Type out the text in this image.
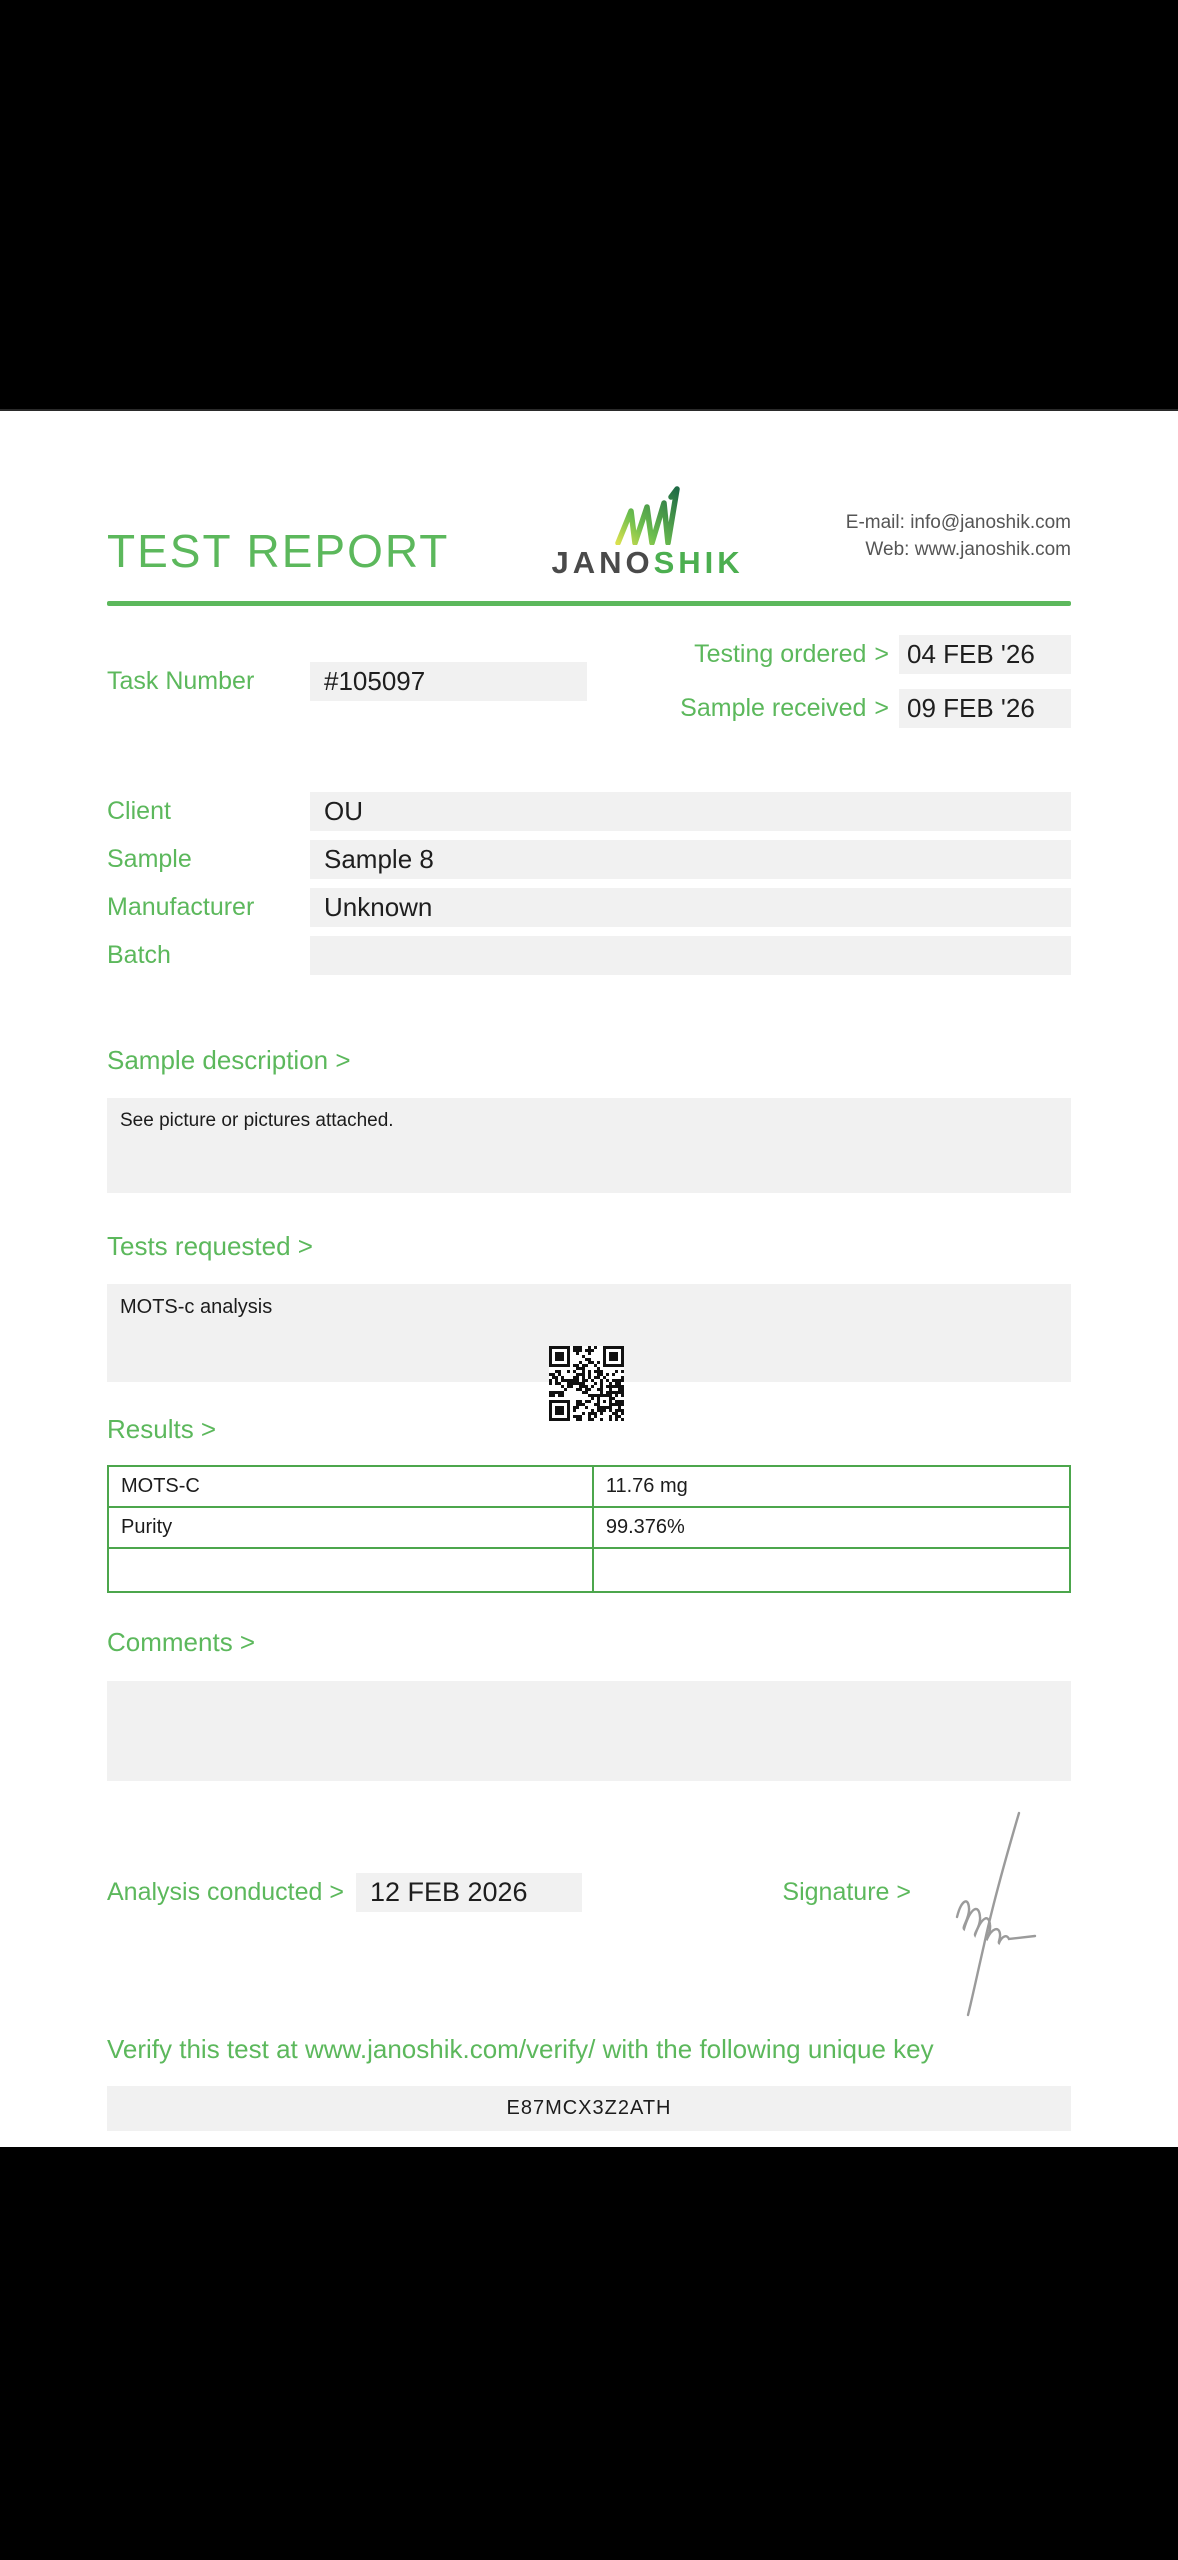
TEST REPORT	JANOSHIK
E-mail: info@janoshik.com
Web: www.janoshik.com
Task Number	#105097
Testing ordered > 04 FEB '26
Sample received > 09 FEB '26
Client	OU
Sample	Sample 8
Manufacturer	Unknown
Batch
Sample description >
See picture or pictures attached.
Tests requested >
MOTS-c analysis
Results >
MOTS-C	11.76 mg
Purity	99.376%

Comments >
Analysis conducted > 12 FEB 2026	Signature >
Verify this test at www.janoshik.com/verify/ with the following unique key
E87MCX3Z2ATH
